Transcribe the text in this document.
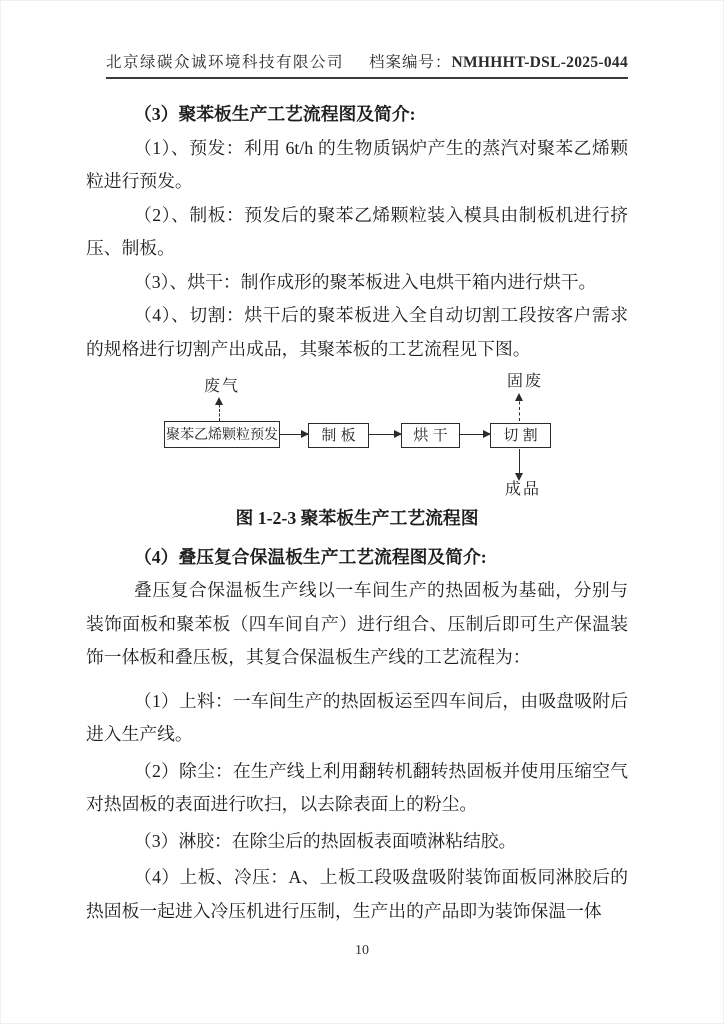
北京绿碳众诚环境科技有限公司 档案编号：NMHHHT-DSL-2025-044

（3）聚苯板生产工艺流程图及简介:

（1）、预发：利用 6t/h 的生物质锅炉产生的蒸汽对聚苯乙烯颗粒进行预发。

（2）、制板：预发后的聚苯乙烯颗粒装入模具由制板机进行挤压、制板。

（3）、烘干：制作成形的聚苯板进入电烘干箱内进行烘干。

（4）、切割：烘干后的聚苯板进入全自动切割工段按客户需求的规格进行切割产出成品，其聚苯板的工艺流程见下图。

废气	固废
聚苯乙烯颗粒预发	制 板	烘 干	切 割
成品

图 1-2-3 聚苯板生产工艺流程图

（4）叠压复合保温板生产工艺流程图及简介:

叠压复合保温板生产线以一车间生产的热固板为基础，分别与装饰面板和聚苯板（四车间自产）进行组合、压制后即可生产保温装饰一体板和叠压板，其复合保温板生产线的工艺流程为：

（1）上料：一车间生产的热固板运至四车间后，由吸盘吸附后进入生产线。

（2）除尘：在生产线上利用翻转机翻转热固板并使用压缩空气对热固板的表面进行吹扫，以去除表面上的粉尘。

（3）淋胶：在除尘后的热固板表面喷淋粘结胶。

（4）上板、冷压：A、上板工段吸盘吸附装饰面板同淋胶后的热固板一起进入冷压机进行压制，生产出的产品即为装饰保温一体

10
